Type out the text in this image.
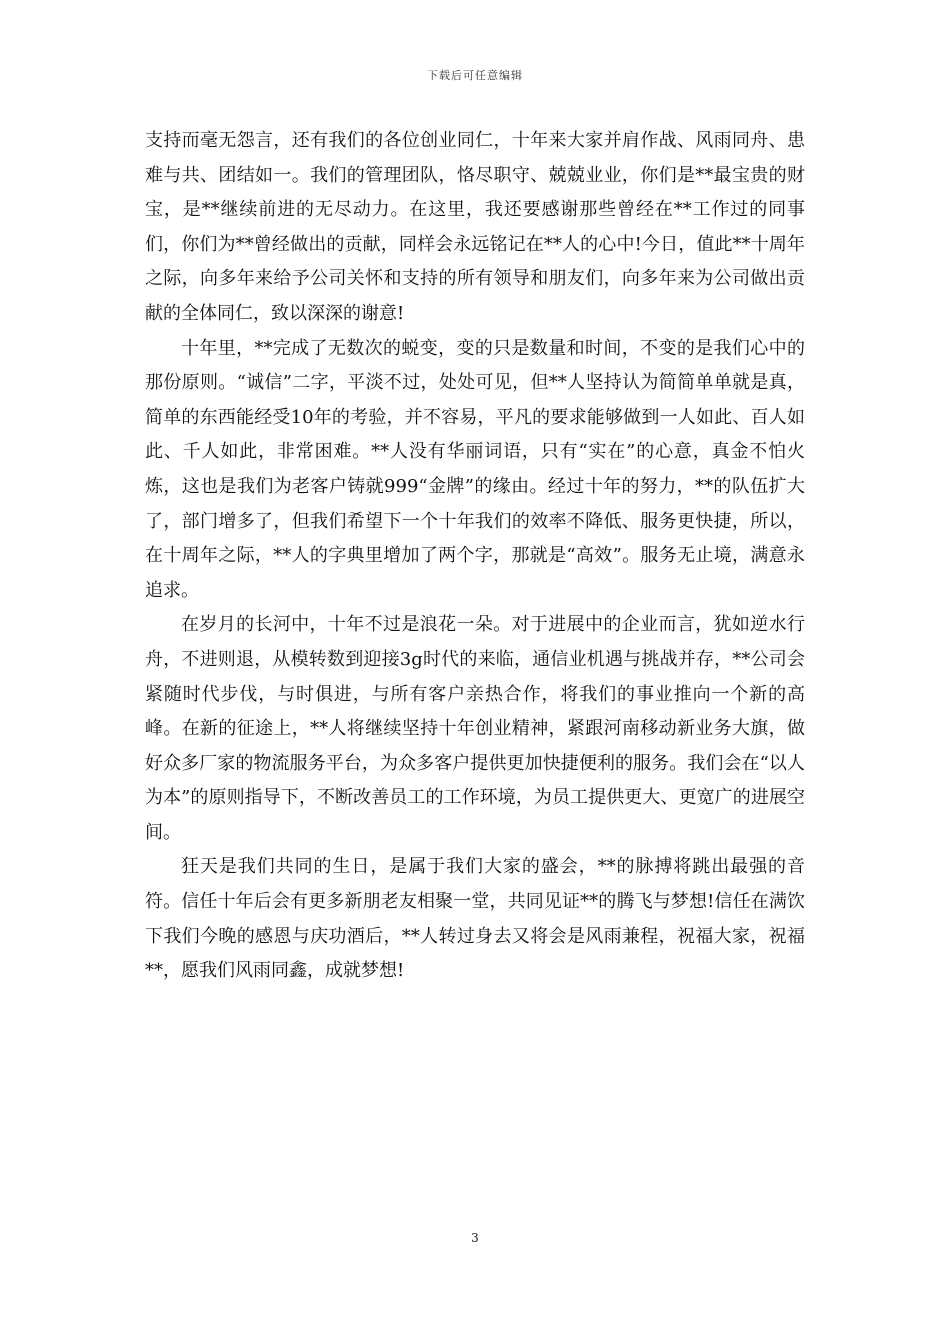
下载后可任意编辑

支持而毫无怨言，还有我们的各位创业同仁，十年来大家并肩作战、风雨同舟、患难与共、团结如一。我们的管理团队，恪尽职守、兢兢业业，你们是**最宝贵的财宝，是**继续前进的无尽动力。在这里，我还要感谢那些曾经在**工作过的同事们，你们为**曾经做出的贡献，同样会永远铭记在**人的心中!今日，值此**十周年之际，向多年来给予公司关怀和支持的所有领导和朋友们，向多年来为公司做出贡献的全体同仁，致以深深的谢意!

十年里，**完成了无数次的蜕变，变的只是数量和时间，不变的是我们心中的那份原则。“诚信”二字，平淡不过，处处可见，但**人坚持认为简简单单就是真，简单的东西能经受10年的考验，并不容易，平凡的要求能够做到一人如此、百人如此、千人如此，非常困难。**人没有华丽词语，只有“实在”的心意，真金不怕火炼，这也是我们为老客户铸就999“金牌”的缘由。经过十年的努力，**的队伍扩大了，部门增多了，但我们希望下一个十年我们的效率不降低、服务更快捷，所以，在十周年之际，**人的字典里增加了两个字，那就是“高效”。服务无止境，满意永追求。

在岁月的长河中，十年不过是浪花一朵。对于进展中的企业而言，犹如逆水行舟，不进则退，从模转数到迎接3g时代的来临，通信业机遇与挑战并存，**公司会紧随时代步伐，与时俱进，与所有客户亲热合作，将我们的事业推向一个新的高峰。在新的征途上，**人将继续坚持十年创业精神，紧跟河南移动新业务大旗，做好众多厂家的物流服务平台，为众多客户提供更加快捷便利的服务。我们会在“以人为本”的原则指导下，不断改善员工的工作环境，为员工提供更大、更宽广的进展空间。

狂天是我们共同的生日，是属于我们大家的盛会，**的脉搏将跳出最强的音符。信任十年后会有更多新朋老友相聚一堂，共同见证**的腾飞与梦想!信任在满饮下我们今晚的感恩与庆功酒后，**人转过身去又将会是风雨兼程，祝福大家，祝福**，愿我们风雨同鑫，成就梦想!

3
